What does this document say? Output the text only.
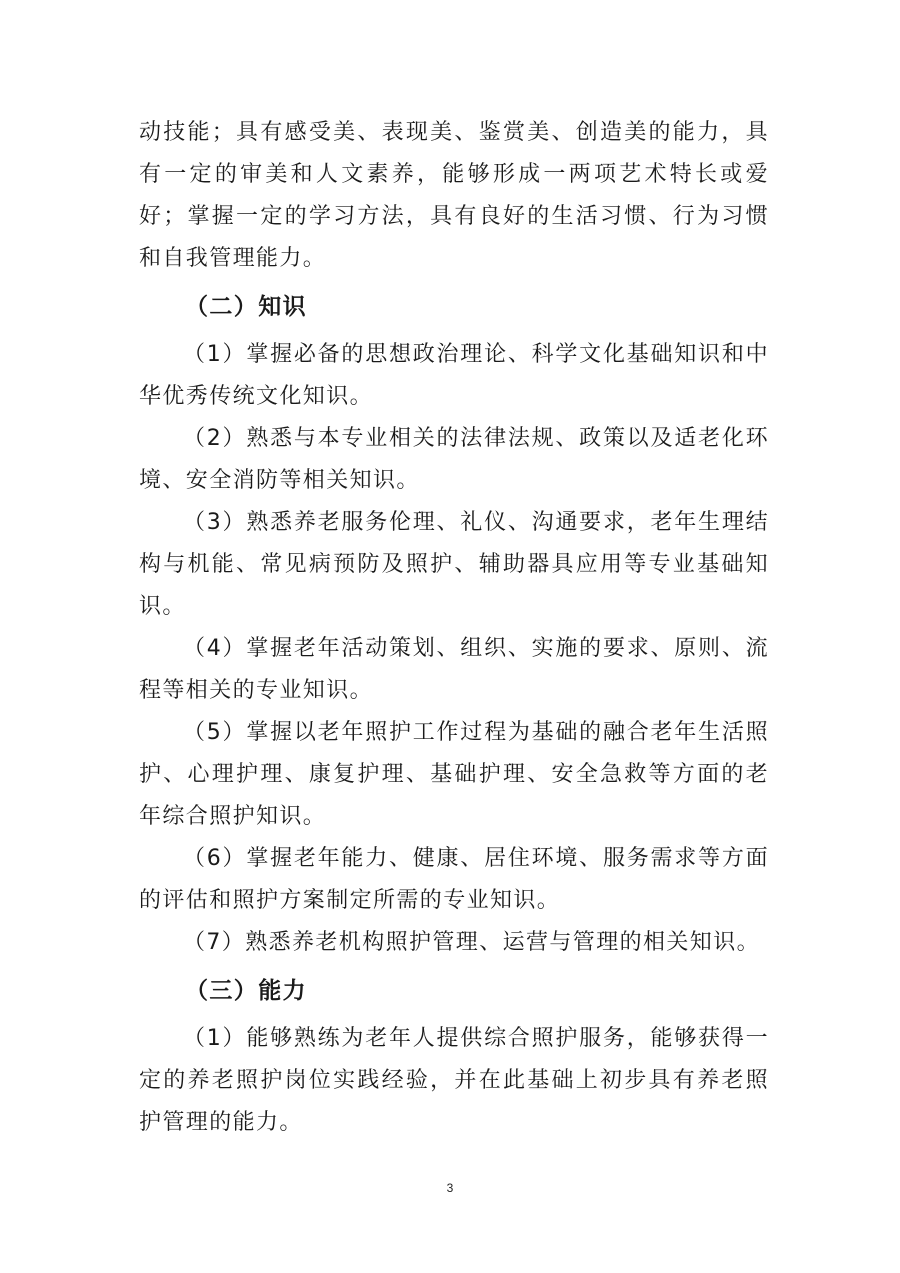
动技能；具有感受美、表现美、鉴赏美、创造美的能力，具有一定的审美和人文素养，能够形成一两项艺术特长或爱好；掌握一定的学习方法，具有良好的生活习惯、行为习惯和自我管理能力。

（二）知识

（1）掌握必备的思想政治理论、科学文化基础知识和中华优秀传统文化知识。

（2）熟悉与本专业相关的法律法规、政策以及适老化环境、安全消防等相关知识。

（3）熟悉养老服务伦理、礼仪、沟通要求，老年生理结构与机能、常见病预防及照护、辅助器具应用等专业基础知识。

（4）掌握老年活动策划、组织、实施的要求、原则、流程等相关的专业知识。

（5）掌握以老年照护工作过程为基础的融合老年生活照护、心理护理、康复护理、基础护理、安全急救等方面的老年综合照护知识。

（6）掌握老年能力、健康、居住环境、服务需求等方面的评估和照护方案制定所需的专业知识。

（7）熟悉养老机构照护管理、运营与管理的相关知识。

（三）能力

（1）能够熟练为老年人提供综合照护服务，能够获得一定的养老照护岗位实践经验，并在此基础上初步具有养老照护管理的能力。

3
